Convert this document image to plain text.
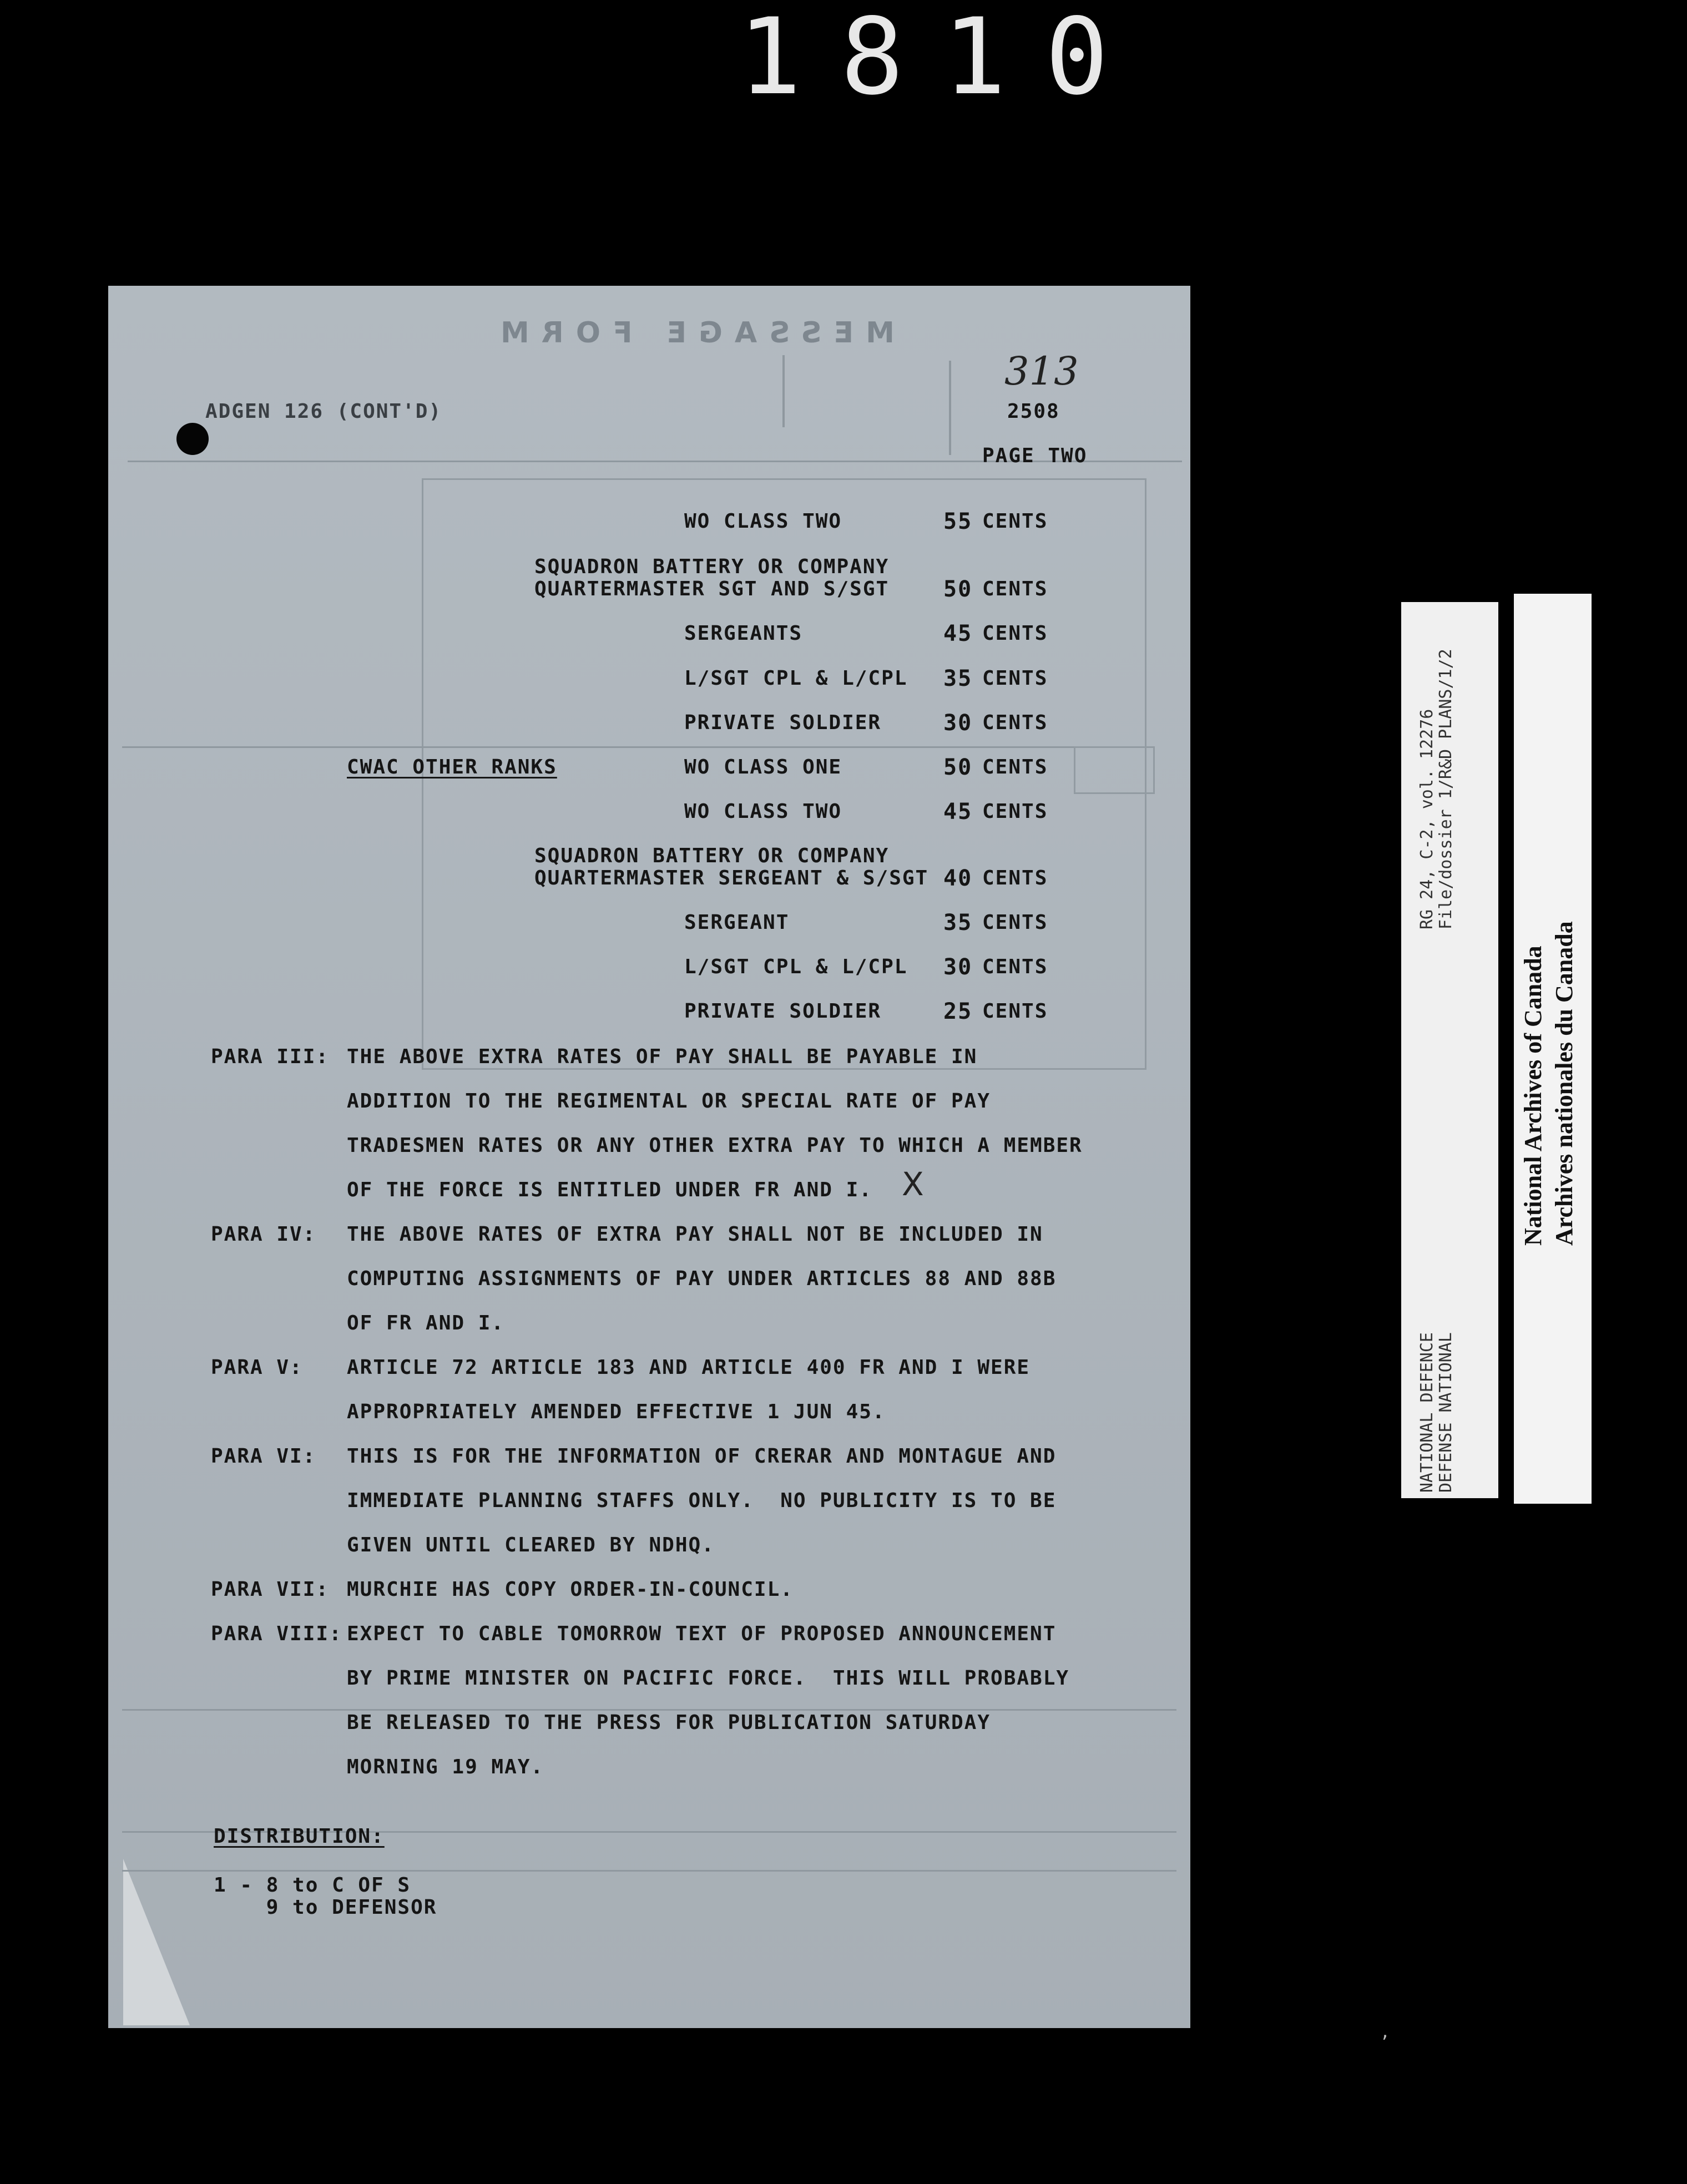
1810
MESSAGE FORM
ADGEN 126 (CONT'D)
313
2508
PAGE TWO
WO CLASS TWO	55 CENTS
SQUADRON BATTERY OR COMPANY
QUARTERMASTER SGT AND S/SGT 50 CENTS
SERGEANTS	45 CENTS
L/SGT CPL & L/CPL 35 CENTS
PRIVATE SOLDIER	30 CENTS
CWAC OTHER RANKS	WO CLASS ONE	50 CENTS
WO CLASS TWO	45 CENTS
SQUADRON BATTERY OR COMPANY
QUARTERMASTER SERGEANT & S/SGT 40 CENTS
SERGEANT	35 CENTS
L/SGT CPL & L/CPL 30 CENTS
PRIVATE SOLDIER	25 CENTS
PARA III: THE ABOVE EXTRA RATES OF PAY SHALL BE PAYABLE IN
ADDITION TO THE REGIMENTAL OR SPECIAL RATE OF PAY
TRADESMEN RATES OR ANY OTHER EXTRA PAY TO WHICH A MEMBER
OF THE FORCE IS ENTITLED UNDER FR AND I. X
PARA IV: THE ABOVE RATES OF EXTRA PAY SHALL NOT BE INCLUDED IN
COMPUTING ASSIGNMENTS OF PAY UNDER ARTICLES 88 AND 88B
OF FR AND I.
PARA V: ARTICLE 72 ARTICLE 183 AND ARTICLE 400 FR AND I WERE
APPROPRIATELY AMENDED EFFECTIVE 1 JUN 45.
PARA VI: THIS IS FOR THE INFORMATION OF CRERAR AND MONTAGUE AND
IMMEDIATE PLANNING STAFFS ONLY.  NO PUBLICITY IS TO BE
GIVEN UNTIL CLEARED BY NDHQ.
PARA VII: MURCHIE HAS COPY ORDER-IN-COUNCIL.
PARA VIII: EXPECT TO CABLE TOMORROW TEXT OF PROPOSED ANNOUNCEMENT
BY PRIME MINISTER ON PACIFIC FORCE.  THIS WILL PROBABLY
BE RELEASED TO THE PRESS FOR PUBLICATION SATURDAY
MORNING 19 MAY.
DISTRIBUTION:
1 - 8 to C OF S
9 to DEFENSOR
RG 24, C-2, vol. 12276 File/dossier 1/R&D PLANS/1/2
NATIONAL DEFENCE DEFENSE NATIONAL
National Archives of Canada Archives nationales du Canada
,
